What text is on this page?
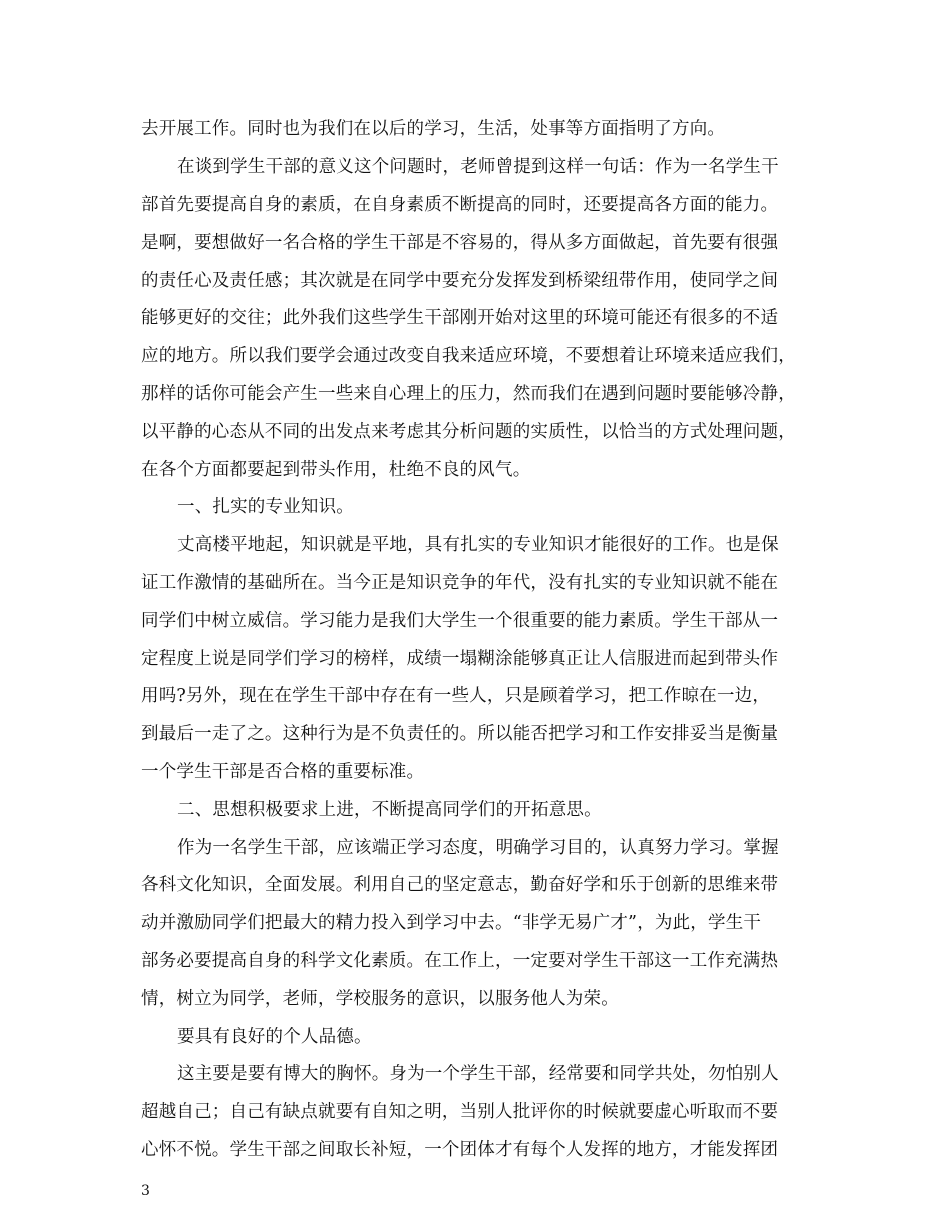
去开展工作。同时也为我们在以后的学习，生活，处事等方面指明了方向。
在谈到学生干部的意义这个问题时，老师曾提到这样一句话：作为一名学生干
部首先要提高自身的素质，在自身素质不断提高的同时，还要提高各方面的能力。
是啊，要想做好一名合格的学生干部是不容易的，得从多方面做起，首先要有很强
的责任心及责任感；其次就是在同学中要充分发挥发到桥梁纽带作用，使同学之间
能够更好的交往；此外我们这些学生干部刚开始对这里的环境可能还有很多的不适
应的地方。所以我们要学会通过改变自我来适应环境，不要想着让环境来适应我们，
那样的话你可能会产生一些来自心理上的压力，然而我们在遇到问题时要能够冷静，
以平静的心态从不同的出发点来考虑其分析问题的实质性，以恰当的方式处理问题，
在各个方面都要起到带头作用，杜绝不良的风气。
一、扎实的专业知识。
丈高楼平地起，知识就是平地，具有扎实的专业知识才能很好的工作。也是保
证工作激情的基础所在。当今正是知识竞争的年代，没有扎实的专业知识就不能在
同学们中树立威信。学习能力是我们大学生一个很重要的能力素质。学生干部从一
定程度上说是同学们学习的榜样，成绩一塌糊涂能够真正让人信服进而起到带头作
用吗?另外，现在在学生干部中存在有一些人，只是顾着学习，把工作晾在一边，
到最后一走了之。这种行为是不负责任的。所以能否把学习和工作安排妥当是衡量
一个学生干部是否合格的重要标准。
二、思想积极要求上进，不断提高同学们的开拓意思。
作为一名学生干部，应该端正学习态度，明确学习目的，认真努力学习。掌握
各科文化知识，全面发展。利用自己的坚定意志，勤奋好学和乐于创新的思维来带
动并激励同学们把最大的精力投入到学习中去。“非学无易广才”，为此，学生干
部务必要提高自身的科学文化素质。在工作上，一定要对学生干部这一工作充满热
情，树立为同学，老师，学校服务的意识，以服务他人为荣。
要具有良好的个人品德。
这主要是要有博大的胸怀。身为一个学生干部，经常要和同学共处，勿怕别人
超越自己；自己有缺点就要有自知之明，当别人批评你的时候就要虚心听取而不要
心怀不悦。学生干部之间取长补短，一个团体才有每个人发挥的地方，才能发挥团
3
